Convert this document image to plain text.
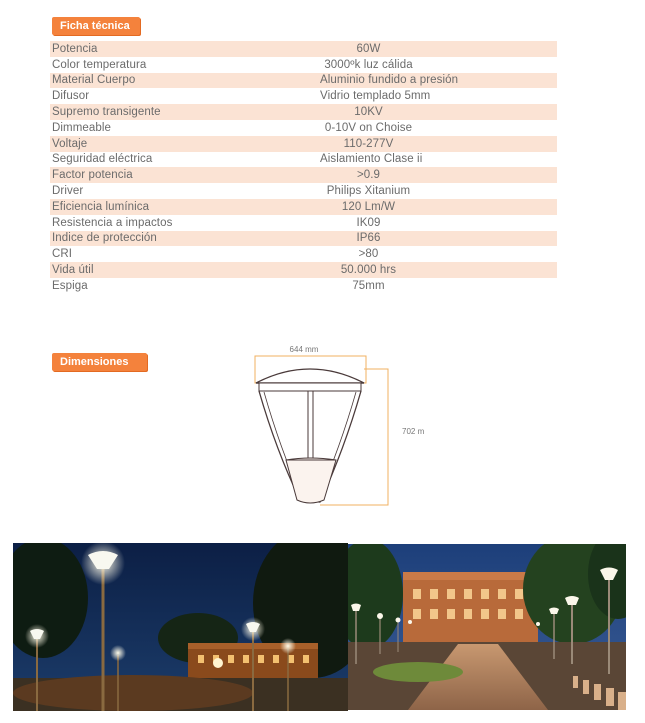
Ficha técnica
Potencia	60W
Color temperatura	3000ºk luz cálida
Material Cuerpo	Aluminio fundido a presión
Difusor	Vidrio templado 5mm
Supremo transigente	10KV
Dimmeable	0-10V on Choise
Voltaje	110-277V
Seguridad eléctrica	Aislamiento Clase ii
Factor potencia	>0.9
Driver	Philips Xitanium
Eficiencia lumínica	120 Lm/W
Resistencia a impactos	IK09
Indice de protección	IP66
CRI	>80
Vida útil	50.000 hrs
Espiga	75mm
Dimensiones
644 mm
702 m
